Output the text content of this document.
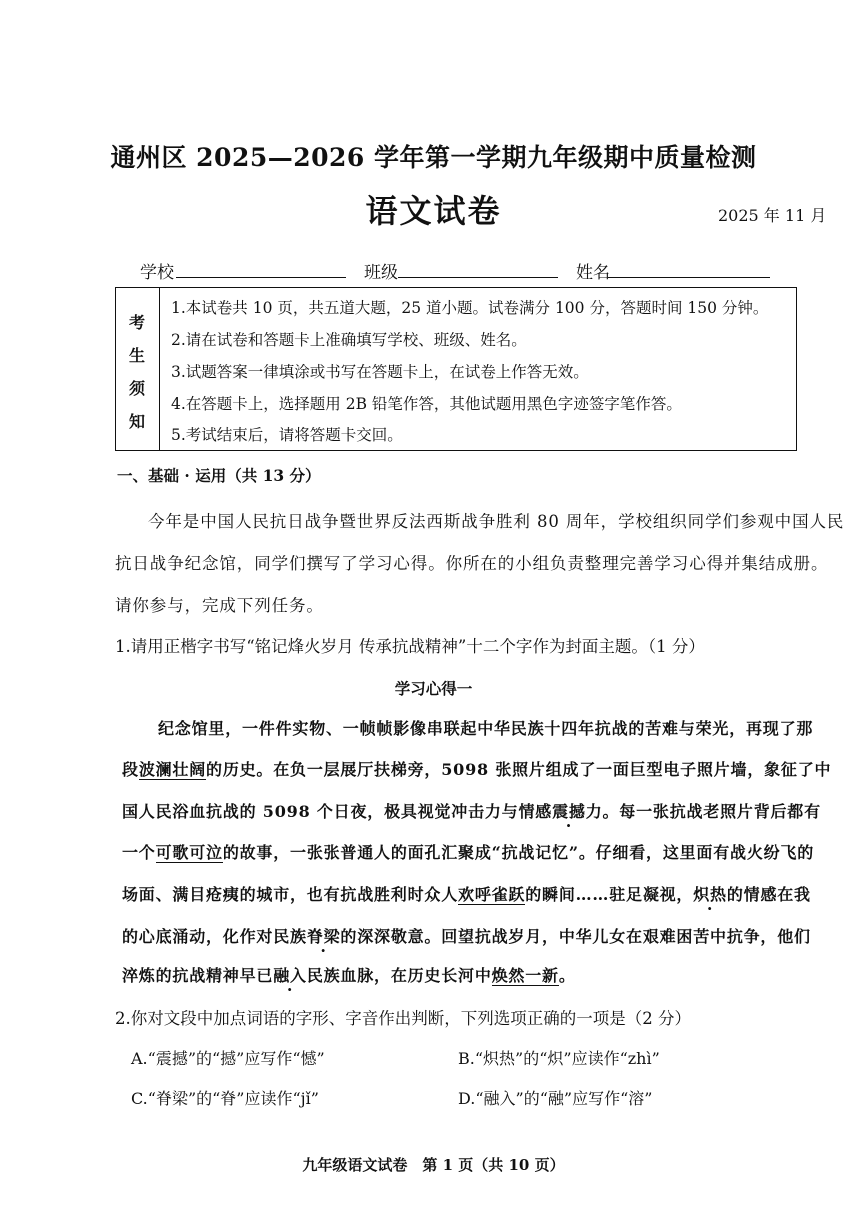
通州区 2025—2026 学年第一学期九年级期中质量检测
语文试卷	2025 年 11 月
学校	班级	姓名
考
生
须
知
1.本试卷共 10 页，共五道大题，25 道小题。试卷满分 100 分，答题时间 150 分钟。
2.请在试卷和答题卡上准确填写学校、班级、姓名。
3.试题答案一律填涂或书写在答题卡上，在试卷上作答无效。
4.在答题卡上，选择题用 2B 铅笔作答，其他试题用黑色字迹签字笔作答。
5.考试结束后，请将答题卡交回。
一、基础 · 运用（共 13 分）
今年是中国人民抗日战争暨世界反法西斯战争胜利 80 周年，学校组织同学们参观中国人民
抗日战争纪念馆，同学们撰写了学习心得。你所在的小组负责整理完善学习心得并集结成册。
请你参与，完成下列任务。
1.请用正楷字书写“铭记烽火岁月 传承抗战精神”十二个字作为封面主题。（1 分）
学习心得一
纪念馆里，一件件实物、一帧帧影像串联起中华民族十四年抗战的苦难与荣光，再现了那
段波澜壮阔的历史。在负一层展厅扶梯旁，5098 张照片组成了一面巨型电子照片墙，象征了中
国人民浴血抗战的 5098 个日夜，极具视觉冲击力与情感震撼力。每一张抗战老照片背后都有
一个可歌可泣的故事，一张张普通人的面孔汇聚成“抗战记忆”。仔细看，这里面有战火纷飞的
场面、满目疮痍的城市，也有抗战胜利时众人欢呼雀跃的瞬间……驻足凝视，炽热的情感在我
的心底涌动，化作对民族脊梁的深深敬意。回望抗战岁月，中华儿女在艰难困苦中抗争，他们
淬炼的抗战精神早已融入民族血脉，在历史长河中焕然一新。
2.你对文段中加点词语的字形、字音作出判断，下列选项正确的一项是（2 分）
A.“震撼”的“撼”应写作“憾”	B.“炽热”的“炽”应读作“zhì”
C.“脊梁”的“脊”应读作“jǐ”	D.“融入”的“融”应写作“溶”
九年级语文试卷　第 1 页（共 10 页）
